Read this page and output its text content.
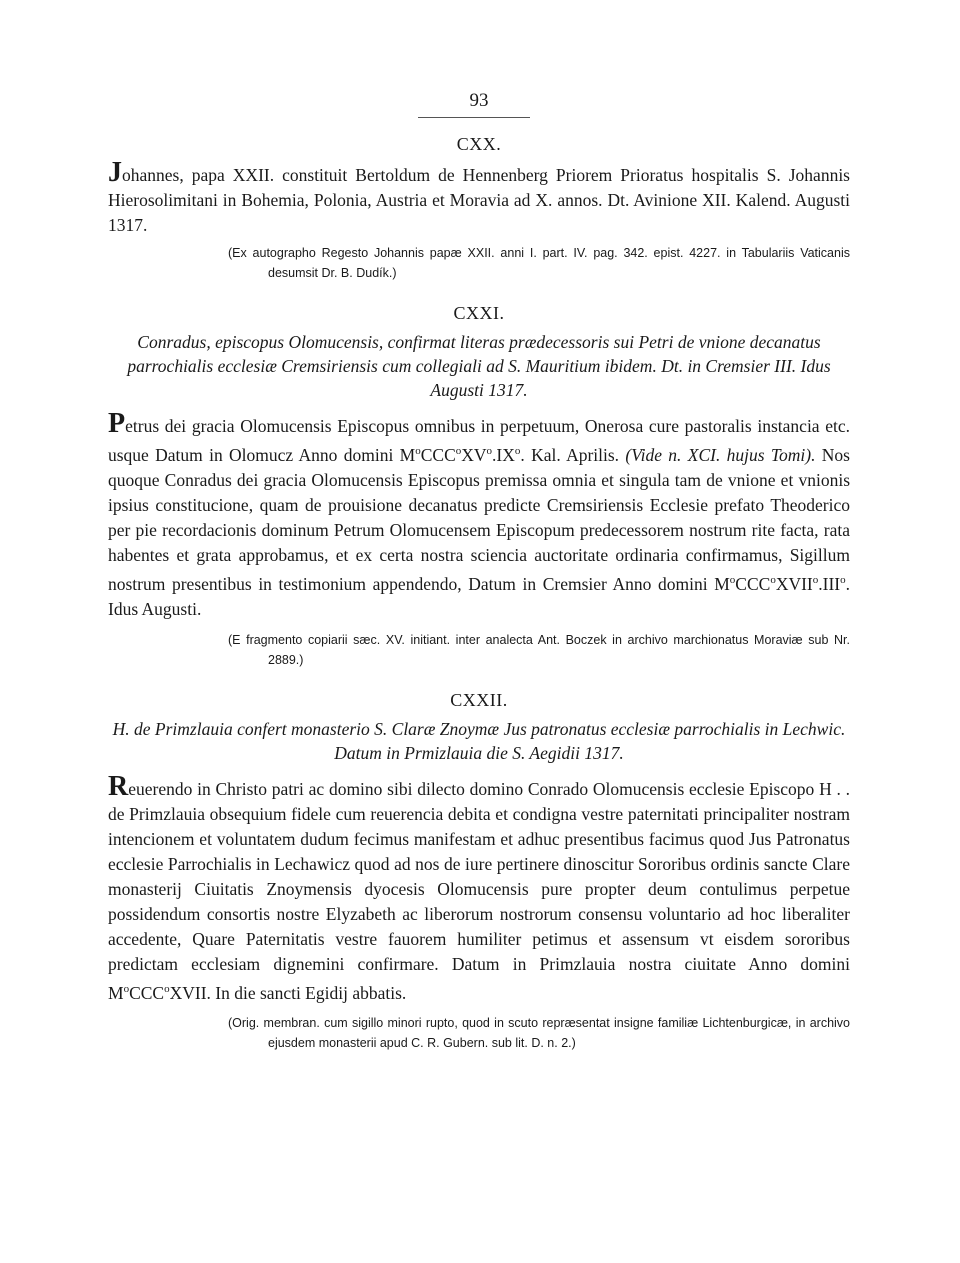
93

CXX.

Johannes, papa XXII. constituit Bertoldum de Hennenberg Priorem Prioratus hospitalis S. Johannis Hierosolimitani in Bohemia, Polonia, Austria et Moravia ad X. annos. Dt. Avinione XII. Kalend. Augusti 1317.

(Ex autographo Regesto Johannis papæ XXII. anni I. part. IV. pag. 342. epist. 4227. in Tabulariis Vaticanis desumsit Dr. B. Dudík.)

CXXI.

Conradus, episcopus Olomucensis, confirmat literas prædecessoris sui Petri de vnione decanatus parrochialis ecclesiæ Cremsiriensis cum collegiali ad S. Mauritium ibidem. Dt. in Cremsier III. Idus Augusti 1317.

Petrus dei gracia Olomucensis Episcopus omnibus in perpetuum, Onerosa cure pastoralis instancia etc. usque Datum in Olomucz Anno domini $M^oCCC^oXV^o.IX^o$. Kal. Aprilis. (Vide n. XCI. hujus Tomi). Nos quoque Conradus dei gracia Olomucensis Episcopus premissa omnia et singula tam de vnione et vnionis ipsius constitucione, quam de prouisione decanatus predicte Cremsiriensis Ecclesie prefato Theoderico per pie recordacionis dominum Petrum Olomucensem Episcopum predecessorem nostrum rite facta, rata habentes et grata approbamus, et ex certa nostra sciencia auctoritate ordinaria confirmamus, Sigillum nostrum presentibus in testimonium appendendo, Datum in Cremsier Anno domini $M^oCCC^oXVII^o.III^o$. Idus Augusti.

(E fragmento copiarii sæc. XV. initiant. inter analecta Ant. Boczek in archivo marchionatus Moraviæ sub Nr. 2889.)

CXXII.

H. de Primzlauia confert monasterio S. Claræ Znoymæ Jus patronatus ecclesiæ parrochialis in Lechwic. Datum in Prmizlauia die S. Aegidii 1317.

Reuerendo in Christo patri ac domino sibi dilecto domino Conrado Olomucensis ecclesie Episcopo H . . de Primzlauia obsequium fidele cum reuerencia debita et condigna vestre paternitati principaliter nostram intencionem et voluntatem dudum fecimus manifestam et adhuc presentibus facimus quod Jus Patronatus ecclesie Parrochialis in Lechawicz quod ad nos de iure pertinere dinoscitur Sororibus ordinis sancte Clare monasterij Ciuitatis Znoymensis dyocesis Olomucensis pure propter deum contulimus perpetue possidendum consortis nostre Elyzabeth ac liberorum nostrorum consensu voluntario ad hoc liberaliter accedente, Quare Paternitatis vestre fauorem humiliter petimus et assensum vt eisdem sororibus predictam ecclesiam dignemini confirmare. Datum in Primzlauia nostra ciuitate Anno domini $M^oCCC^oXVII$. In die sancti Egidij abbatis.

(Orig. membran. cum sigillo minori rupto, quod in scuto repræsentat insigne familiæ Lichtenburgicæ, in archivo ejusdem monasterii apud C. R. Gubern. sub lit. D. n. 2.)
